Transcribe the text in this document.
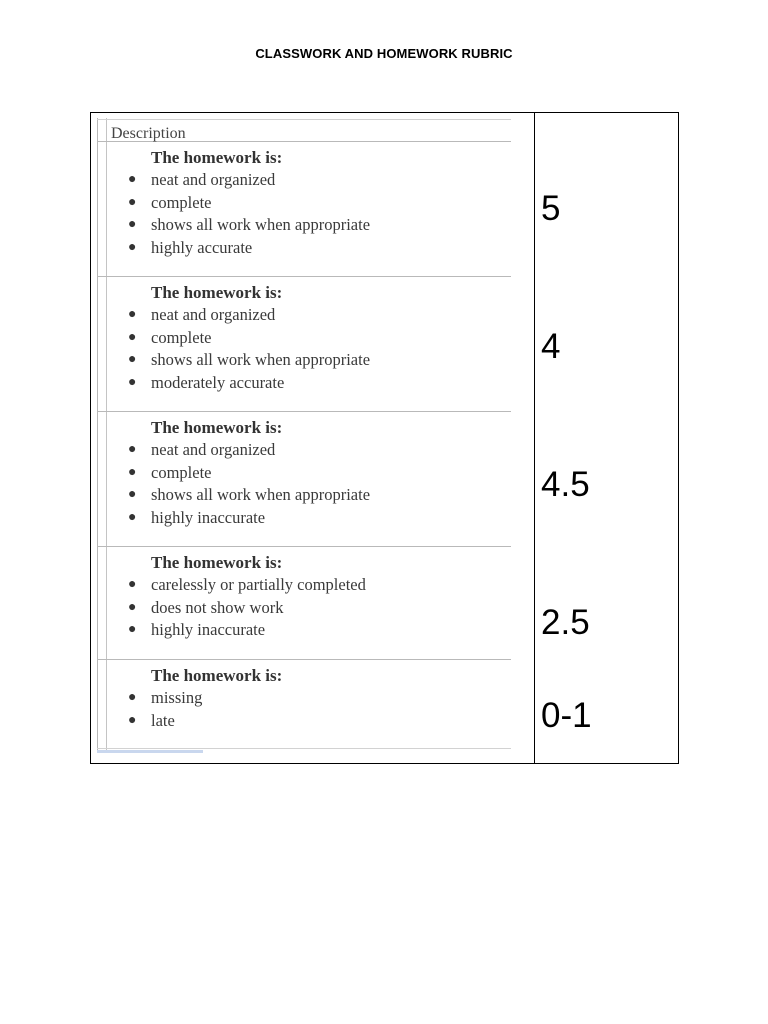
CLASSWORK AND HOMEWORK RUBRIC
Description
The homework is:
● neat and organized
● complete
● shows all work when appropriate
● highly accurate
The homework is:
● neat and organized
● complete
● shows all work when appropriate
● moderately accurate
The homework is:
● neat and organized
● complete
● shows all work when appropriate
● highly inaccurate
The homework is:
● carelessly or partially completed
● does not show work
● highly inaccurate
The homework is:
● missing
● late
5
4
4.5
2.5
0-1
